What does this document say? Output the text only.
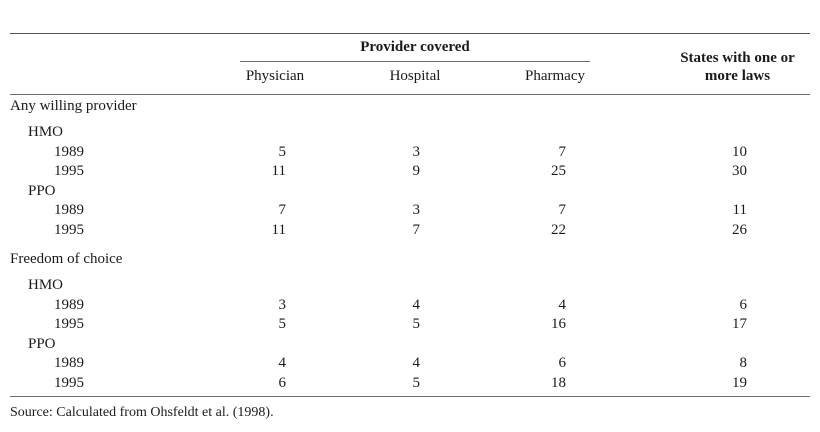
Provider covered
Physician	Hospital	Pharmacy
States with one or
more laws
Any willing provider
HMO
1989	5	3	7	10
1995	11	9	25	30
PPO
1989	7	3	7	11
1995	11	7	22	26
Freedom of choice
HMO
1989	3	4	4	6
1995	5	5	16	17
PPO
1989	4	4	6	8
1995	6	5	18	19
Source: Calculated from Ohsfeldt et al. (1998).
